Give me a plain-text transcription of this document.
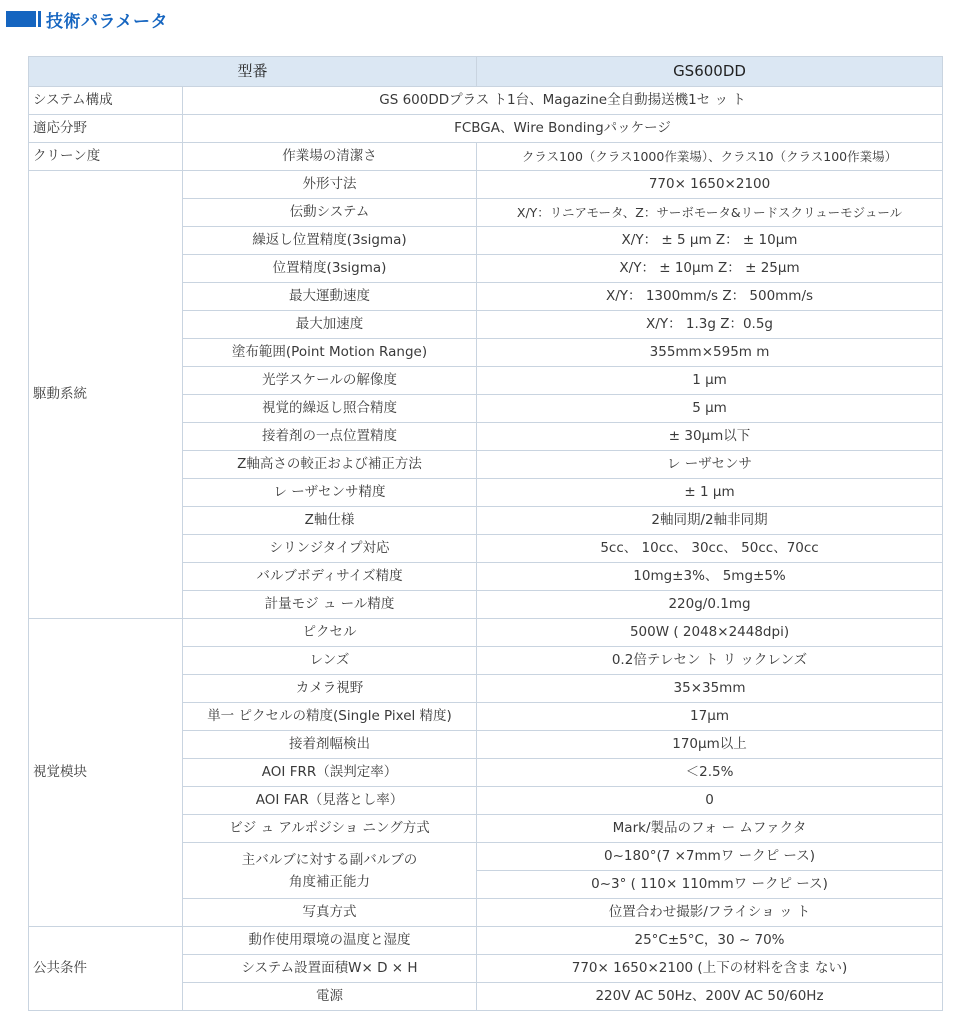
技術パラメータ
型番		GS600DD
システム構成	GS 600DDプラス ト1台、Magazine全自動揚送機1セ ッ ト	
適応分野	FCBGA、Wire Bondingパッケージ	
クリーン度	作業場の清潔さ	クラス100（クラス1000作業場）、クラス10（クラス100作業場）
駆動系統	外形寸法	770× 1650×2100
	伝動システム	X/Y：リニアモータ、Z：サーボモータ&リードスクリューモジュール
	繰返し位置精度(3sigma)	X/Y： ± 5 μm Z： ± 10μm
	位置精度(3sigma)	X/Y： ± 10μm Z： ± 25μm
	最大運動速度	X/Y： 1300mm/s Z： 500mm/s
	最大加速度	X/Y： 1.3g Z：0.5g
	塗布範囲(Point Motion Range)	355mm×595m m
	光学スケールの解像度	1 μm
	視覚的繰返し照合精度	5 μm
	接着剤の一点位置精度	± 30μm以下
	Z軸高さの較正および補正方法	レ ーザセンサ
	レ ーザセンサ精度	± 1 μm
	Z軸仕様	2軸同期/2軸非同期
	シリンジタイプ対応	5cc、 10cc、 30cc、 50cc、70cc
	バルブボディサイズ精度	10mg±3%、 5mg±5%
	計量モジ ュ ール精度	220g/0.1mg
視覚模块	ピクセル	500W ( 2048×2448dpi)
	レンズ	0.2倍テレセン ト リ ックレンズ
	カメラ視野	35×35mm
	単一 ピクセルの精度(Single Pixel 精度)	17μm
	接着剤幅検出	170μm以上
	AOI FRR（誤判定率）	＜2.5%
	AOI FAR（見落とし率）	0
	ビジ ュ アルポジショ ニング方式	Mark/製品のフォ ー ムファクタ

	主バルブに対する副バルブの
角度補正能力	0~180°(7 ×7mmワ ークピ ース)
		0~3° ( 110× 110mmワ ークピ ース)
	写真方式	位置合わせ撮影/フライショ ッ ト
公共条件	動作使用環境の温度と湿度	25°C±5°C，30 ~ 70%
	システム設置面積W× D × H	770× 1650×2100 (上下の材料を含ま ない)
	電源	220V AC 50Hz、200V AC 50/60Hz
